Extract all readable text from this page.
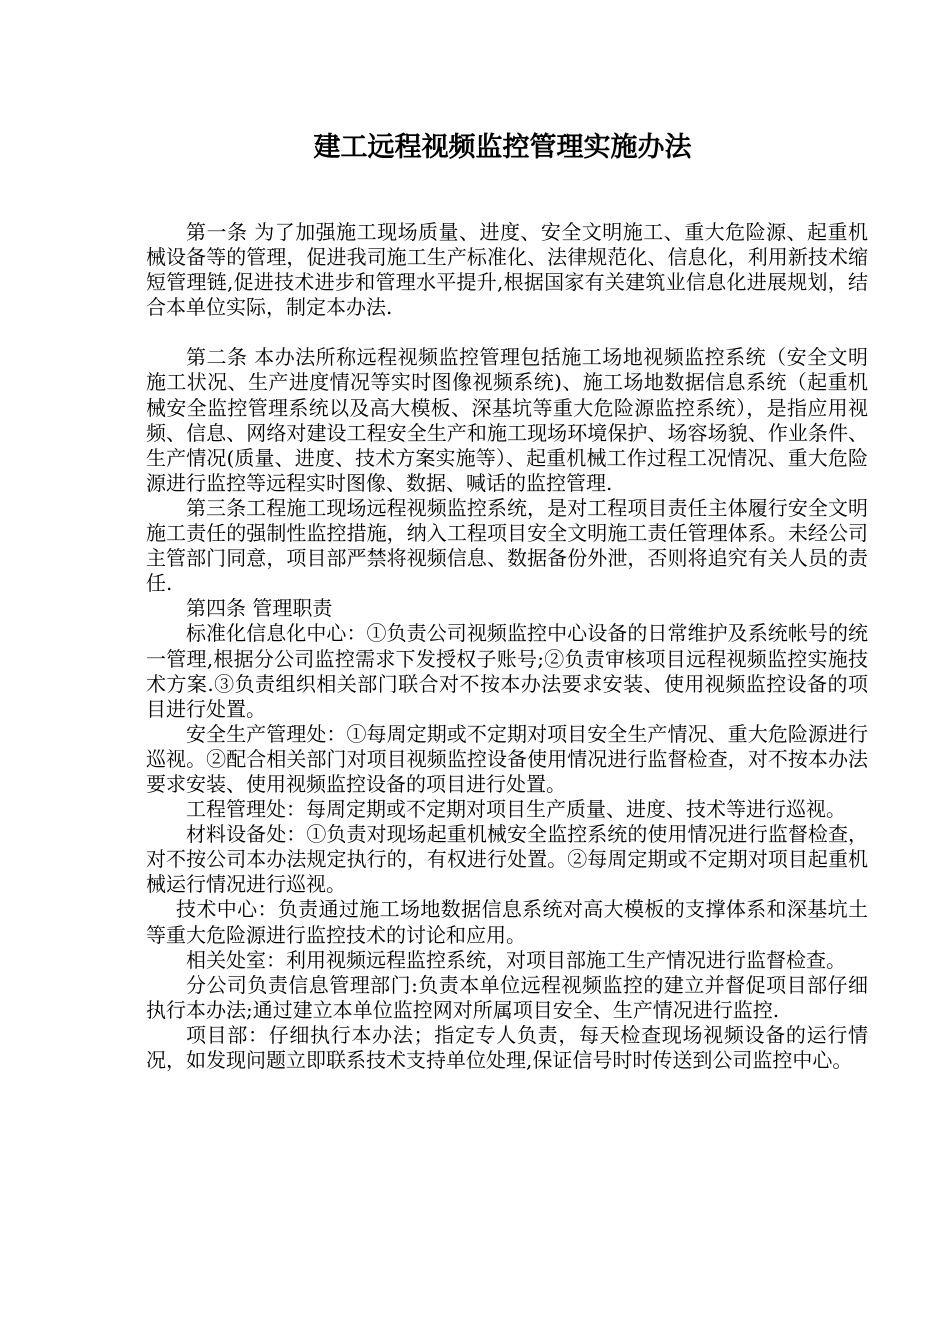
建工远程视频监控管理实施办法

第一条 为了加强施工现场质量、进度、安全文明施工、重大危险源、起重机械设备等的管理，促进我司施工生产标准化、法律规范化、信息化，利用新技术缩短管理链,促进技术进步和管理水平提升,根据国家有关建筑业信息化进展规划，结合本单位实际，制定本办法.

第二条 本办法所称远程视频监控管理包括施工场地视频监控系统（安全文明施工状况、生产进度情况等实时图像视频系统)、施工场地数据信息系统（起重机械安全监控管理系统以及高大模板、深基坑等重大危险源监控系统），是指应用视频、信息、网络对建设工程安全生产和施工现场环境保护、场容场貌、作业条件、生产情况(质量、进度、技术方案实施等）、起重机械工作过程工况情况、重大危险源进行监控等远程实时图像、数据、喊话的监控管理.

第三条工程施工现场远程视频监控系统，是对工程项目责任主体履行安全文明施工责任的强制性监控措施，纳入工程项目安全文明施工责任管理体系。未经公司主管部门同意，项目部严禁将视频信息、数据备份外泄，否则将追究有关人员的责任.

第四条 管理职责

标准化信息化中心：①负责公司视频监控中心设备的日常维护及系统帐号的统一管理,根据分公司监控需求下发授权子账号;②负责审核项目远程视频监控实施技术方案.③负责组织相关部门联合对不按本办法要求安装、使用视频监控设备的项目进行处置。

安全生产管理处：①每周定期或不定期对项目安全生产情况、重大危险源进行巡视。②配合相关部门对项目视频监控设备使用情况进行监督检查，对不按本办法要求安装、使用视频监控设备的项目进行处置。

工程管理处：每周定期或不定期对项目生产质量、进度、技术等进行巡视。

材料设备处：①负责对现场起重机械安全监控系统的使用情况进行监督检查，对不按公司本办法规定执行的，有权进行处置。②每周定期或不定期对项目起重机械运行情况进行巡视。

技术中心：负责通过施工场地数据信息系统对高大模板的支撑体系和深基坑土等重大危险源进行监控技术的讨论和应用。

相关处室：利用视频远程监控系统，对项目部施工生产情况进行监督检查。

分公司负责信息管理部门:负责本单位远程视频监控的建立并督促项目部仔细执行本办法;通过建立本单位监控网对所属项目安全、生产情况进行监控.

项目部：仔细执行本办法；指定专人负责，每天检查现场视频设备的运行情况，如发现问题立即联系技术支持单位处理,保证信号时时传送到公司监控中心。
